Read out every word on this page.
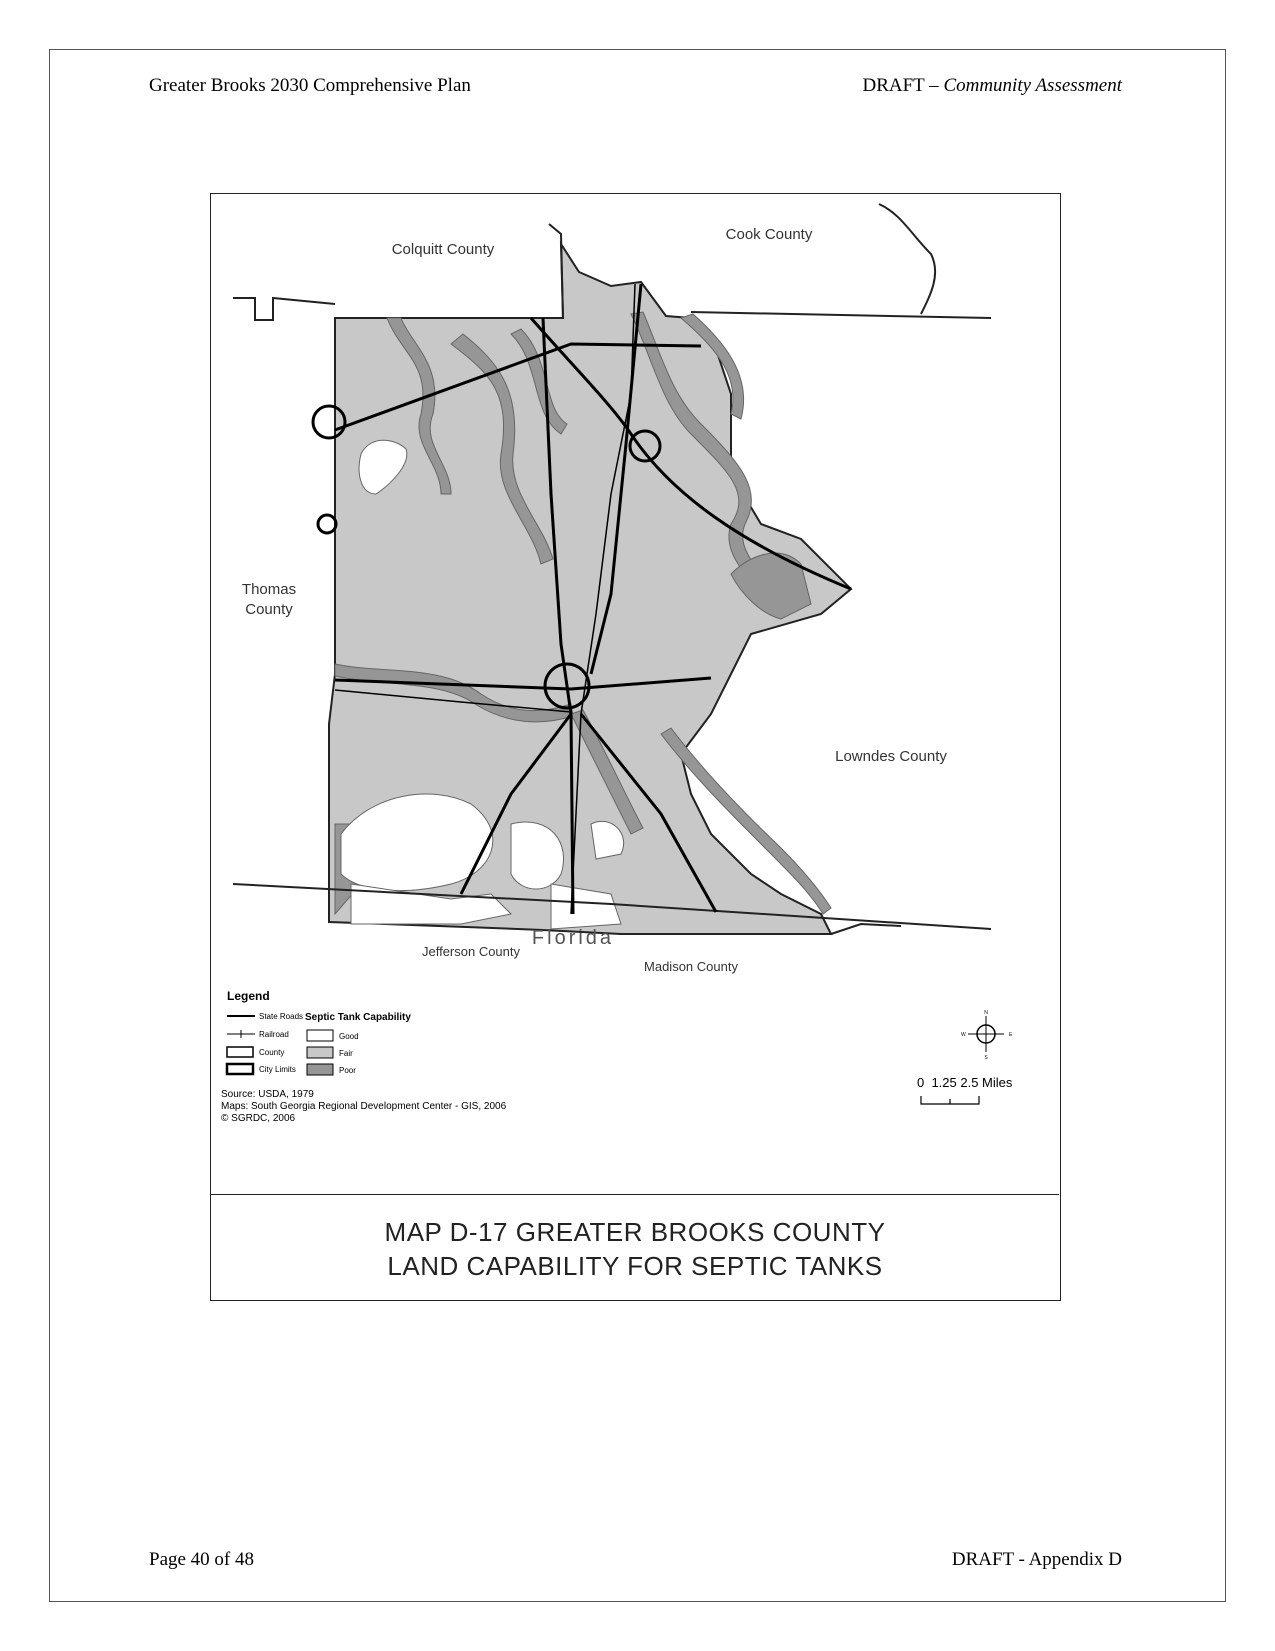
Greater Brooks 2030 Comprehensive Plan	DRAFT – Community Assessment
Colquitt County
Cook County
Thomas
County
Lowndes County
Florida
Jefferson County
Madison County
Legend
State Roads
Railroad
County
City Limits
Septic Tank Capability
Good
Fair
Poor
Source: USDA, 1979
Maps: South Georgia Regional Development Center - GIS, 2006
© SGRDC, 2006
N
S
E
W
0  1.25 2.5 Miles
MAP D-17 GREATER BROOKS COUNTY
LAND CAPABILITY FOR SEPTIC TANKS
Page 40 of 48	DRAFT - Appendix D
